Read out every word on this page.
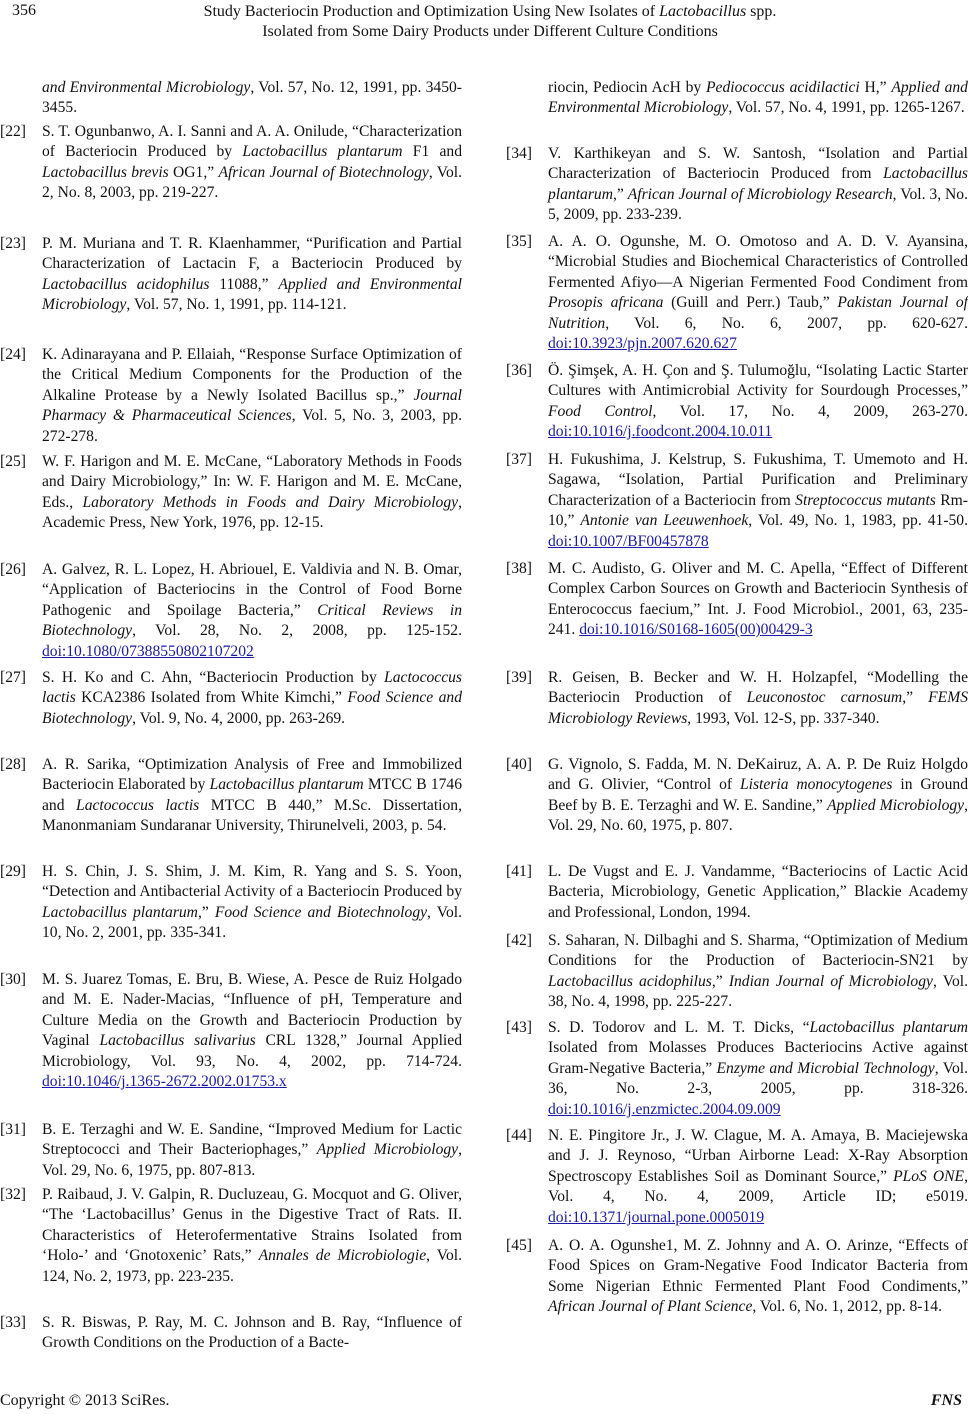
356	Study Bacteriocin Production and Optimization Using New Isolates of Lactobacillus spp.
Isolated from Some Dairy Products under Different Culture Conditions
and Environmental Microbiology, Vol. 57, No. 12, 1991, pp. 3450-3455.
[22] S. T. Ogunbanwo, A. I. Sanni and A. A. Onilude, “Characterization of Bacteriocin Produced by Lactobacillus plantarum F1 and Lactobacillus brevis OG1,” African Journal of Biotechnology, Vol. 2, No. 8, 2003, pp. 219-227.
[23] P. M. Muriana and T. R. Klaenhammer, “Purification and Partial Characterization of Lactacin F, a Bacteriocin Produced by Lactobacillus acidophilus 11088,” Applied and Environmental Microbiology, Vol. 57, No. 1, 1991, pp. 114-121.
[24] K. Adinarayana and P. Ellaiah, “Response Surface Optimization of the Critical Medium Components for the Production of the Alkaline Protease by a Newly Isolated Bacillus sp.,” Journal Pharmacy & Pharmaceutical Sciences, Vol. 5, No. 3, 2003, pp. 272-278.
[25] W. F. Harigon and M. E. McCane, “Laboratory Methods in Foods and Dairy Microbiology,” In: W. F. Harigon and M. E. McCane, Eds., Laboratory Methods in Foods and Dairy Microbiology, Academic Press, New York, 1976, pp. 12-15.
[26] A. Galvez, R. L. Lopez, H. Abriouel, E. Valdivia and N. B. Omar, “Application of Bacteriocins in the Control of Food Borne Pathogenic and Spoilage Bacteria,” Critical Reviews in Biotechnology, Vol. 28, No. 2, 2008, pp. 125-152. doi:10.1080/07388550802107202
[27] S. H. Ko and C. Ahn, “Bacteriocin Production by Lactococcus lactis KCA2386 Isolated from White Kimchi,” Food Science and Biotechnology, Vol. 9, No. 4, 2000, pp. 263-269.
[28] A. R. Sarika, “Optimization Analysis of Free and Immobilized Bacteriocin Elaborated by Lactobacillus plantarum MTCC B 1746 and Lactococcus lactis MTCC B 440,” M.Sc. Dissertation, Manonmaniam Sundaranar University, Thirunelveli, 2003, p. 54.
[29] H. S. Chin, J. S. Shim, J. M. Kim, R. Yang and S. S. Yoon, “Detection and Antibacterial Activity of a Bacteriocin Produced by Lactobacillus plantarum,” Food Science and Biotechnology, Vol. 10, No. 2, 2001, pp. 335-341.
[30] M. S. Juarez Tomas, E. Bru, B. Wiese, A. Pesce de Ruiz Holgado and M. E. Nader-Macias, “Influence of pH, Temperature and Culture Media on the Growth and Bacteriocin Production by Vaginal Lactobacillus salivarius CRL 1328,” Journal Applied Microbiology, Vol. 93, No. 4, 2002, pp. 714-724. doi:10.1046/j.1365-2672.2002.01753.x
[31] B. E. Terzaghi and W. E. Sandine, “Improved Medium for Lactic Streptococci and Their Bacteriophages,” Applied Microbiology, Vol. 29, No. 6, 1975, pp. 807-813.
[32] P. Raibaud, J. V. Galpin, R. Ducluzeau, G. Mocquot and G. Oliver, “The ‘Lactobacillus’ Genus in the Digestive Tract of Rats. II. Characteristics of Heterofermentative Strains Isolated from ‘Holo-’ and ‘Gnotoxenic’ Rats,” Annales de Microbiologie, Vol. 124, No. 2, 1973, pp. 223-235.
[33] S. R. Biswas, P. Ray, M. C. Johnson and B. Ray, “Influence of Growth Conditions on the Production of a Bacte-
riocin, Pediocin AcH by Pediococcus acidilactici H,” Applied and Environmental Microbiology, Vol. 57, No. 4, 1991, pp. 1265-1267.
[34] V. Karthikeyan and S. W. Santosh, “Isolation and Partial Characterization of Bacteriocin Produced from Lactobacillus plantarum,” African Journal of Microbiology Research, Vol. 3, No. 5, 2009, pp. 233-239.
[35] A. A. O. Ogunshe, M. O. Omotoso and A. D. V. Ayansina, “Microbial Studies and Biochemical Characteristics of Controlled Fermented Afiyo—A Nigerian Fermented Food Condiment from Prosopis africana (Guill and Perr.) Taub,” Pakistan Journal of Nutrition, Vol. 6, No. 6, 2007, pp. 620-627. doi:10.3923/pjn.2007.620.627
[36] Ö. Şimşek, A. H. Çon and Ş. Tulumoğlu, “Isolating Lactic Starter Cultures with Antimicrobial Activity for Sourdough Processes,” Food Control, Vol. 17, No. 4, 2009, 263-270. doi:10.1016/j.foodcont.2004.10.011
[37] H. Fukushima, J. Kelstrup, S. Fukushima, T. Umemoto and H. Sagawa, “Isolation, Partial Purification and Preliminary Characterization of a Bacteriocin from Streptococcus mutants Rm-10,” Antonie van Leeuwenhoek, Vol. 49, No. 1, 1983, pp. 41-50. doi:10.1007/BF00457878
[38] M. C. Audisto, G. Oliver and M. C. Apella, “Effect of Different Complex Carbon Sources on Growth and Bacteriocin Synthesis of Enterococcus faecium,” Int. J. Food Microbiol., 2001, 63, 235-241. doi:10.1016/S0168-1605(00)00429-3
[39] R. Geisen, B. Becker and W. H. Holzapfel, “Modelling the Bacteriocin Production of Leuconostoc carnosum,” FEMS Microbiology Reviews, 1993, Vol. 12-S, pp. 337-340.
[40] G. Vignolo, S. Fadda, M. N. DeKairuz, A. A. P. De Ruiz Holgdo and G. Olivier, “Control of Listeria monocytogenes in Ground Beef by B. E. Terzaghi and W. E. Sandine,” Applied Microbiology, Vol. 29, No. 60, 1975, p. 807.
[41] L. De Vugst and E. J. Vandamme, “Bacteriocins of Lactic Acid Bacteria, Microbiology, Genetic Application,” Blackie Academy and Professional, London, 1994.
[42] S. Saharan, N. Dilbaghi and S. Sharma, “Optimization of Medium Conditions for the Production of Bacteriocin-SN21 by Lactobacillus acidophilus,” Indian Journal of Microbiology, Vol. 38, No. 4, 1998, pp. 225-227.
[43] S. D. Todorov and L. M. T. Dicks, “Lactobacillus plantarum Isolated from Molasses Produces Bacteriocins Active against Gram-Negative Bacteria,” Enzyme and Microbial Technology, Vol. 36, No. 2-3, 2005, pp. 318-326. doi:10.1016/j.enzmictec.2004.09.009
[44] N. E. Pingitore Jr., J. W. Clague, M. A. Amaya, B. Maciejewska and J. J. Reynoso, “Urban Airborne Lead: X-Ray Absorption Spectroscopy Establishes Soil as Dominant Source,” PLoS ONE, Vol. 4, No. 4, 2009, Article ID; e5019. doi:10.1371/journal.pone.0005019
[45] A. O. A. Ogunshe1, M. Z. Johnny and A. O. Arinze, “Effects of Food Spices on Gram-Negative Food Indicator Bacteria from Some Nigerian Ethnic Fermented Plant Food Condiments,” African Journal of Plant Science, Vol. 6, No. 1, 2012, pp. 8-14.
Copyright © 2013 SciRes.	FNS
